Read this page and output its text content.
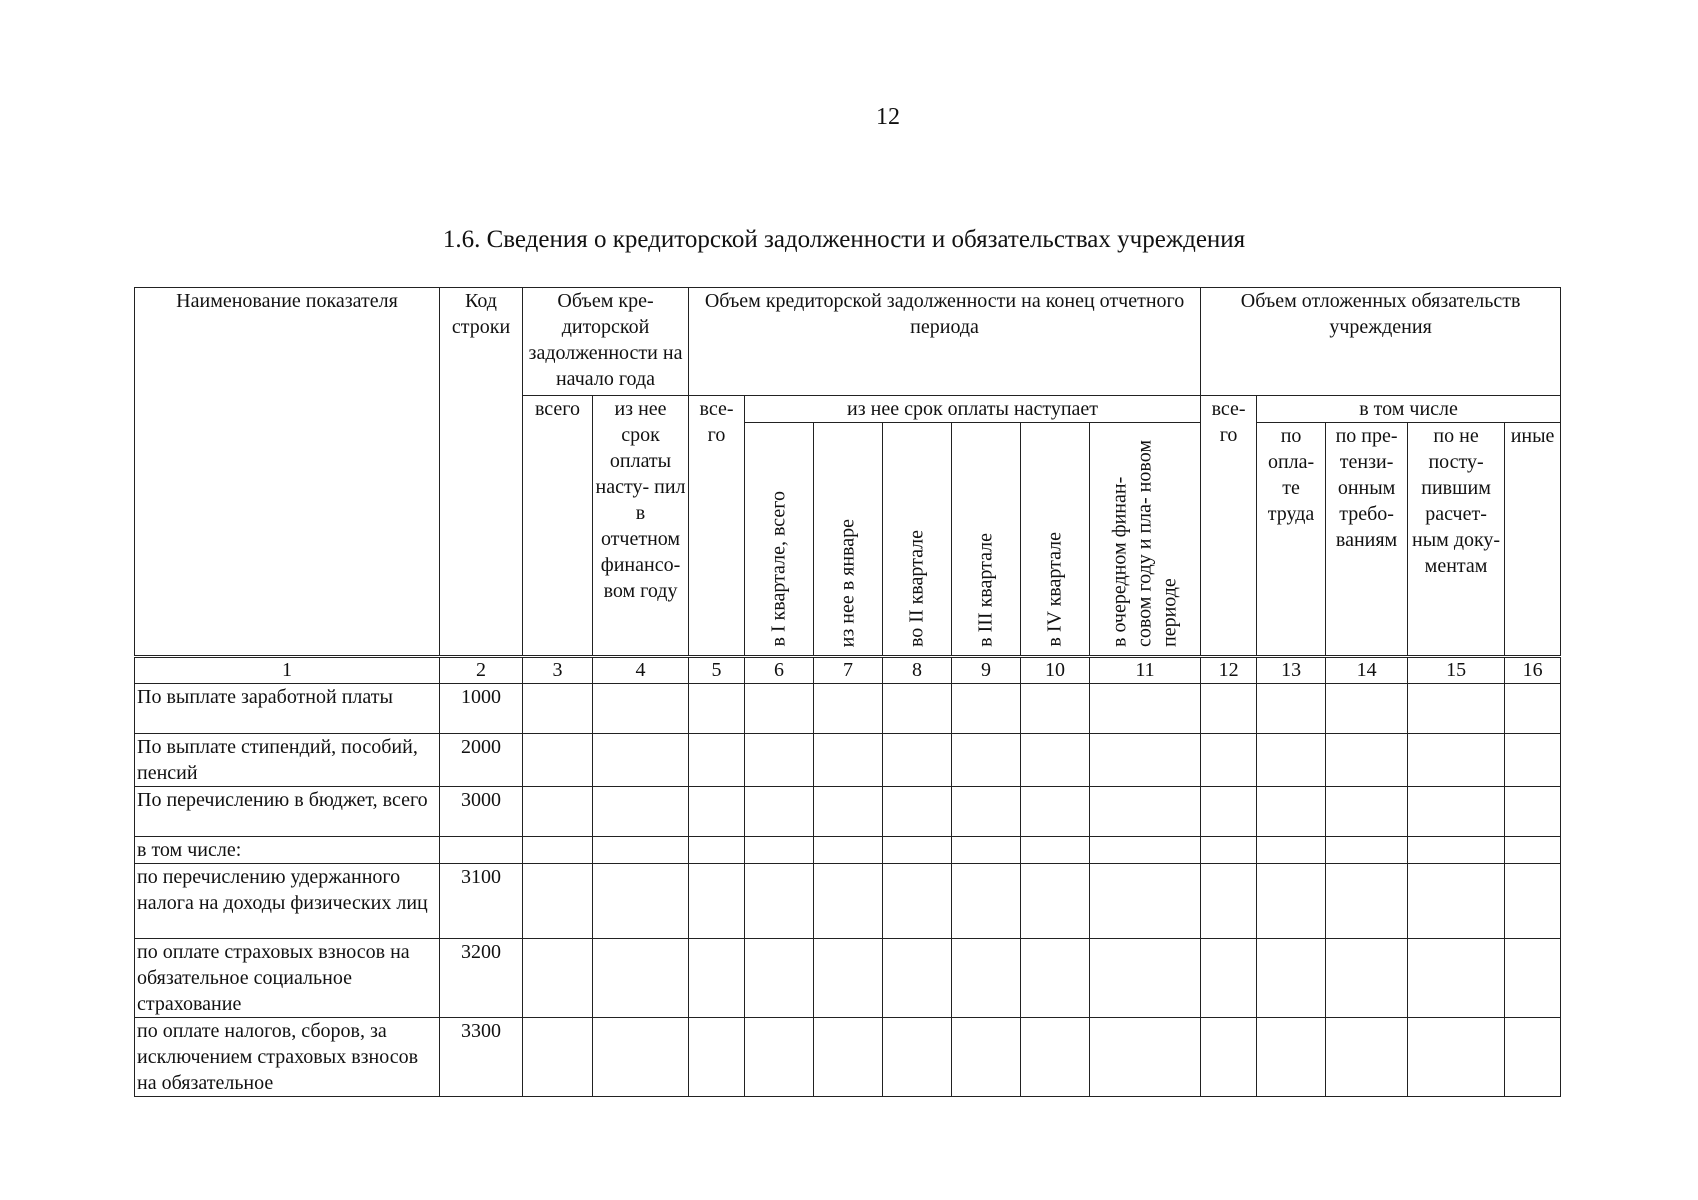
12
1.6. Сведения о кредиторской задолженности и обязательствах учреждения
Наименование показателя	Код строки	Объем кре- диторской задолженности на начало года		Объем кредиторской задолженности на конец отчетного периода							Объем отложенных обязательств учреждения				
		всего	из нее срок оплаты насту- пил в отчетном финансо- вом году	все- го	из нее срок оплаты наступает						все- го	в том числе			

					в I квартале, всего	из нее в январе	во II квартале	в III квартале	в IV квартале	в очередном финан- совом году и пла- новом периоде		по опла- те труда	по пре- тензи- онным требо- ваниям	по не посту- пившим расчет- ным доку- ментам	иные
1	2	3	4	5	6	7	8	9	10	11	12	13	14	15	16
По выплате заработной платы	1000														
По выплате стипендий, пособий, пенсий	2000														
По перечислению в бюджет, всего	3000														
в том числе:															
по перечислению удержанного налога на доходы физических лиц	3100														
по оплате страховых взносов на обязательное социальное страхование	3200														
по оплате налогов, сборов, за исключением страховых взносов на обязательное	3300														
